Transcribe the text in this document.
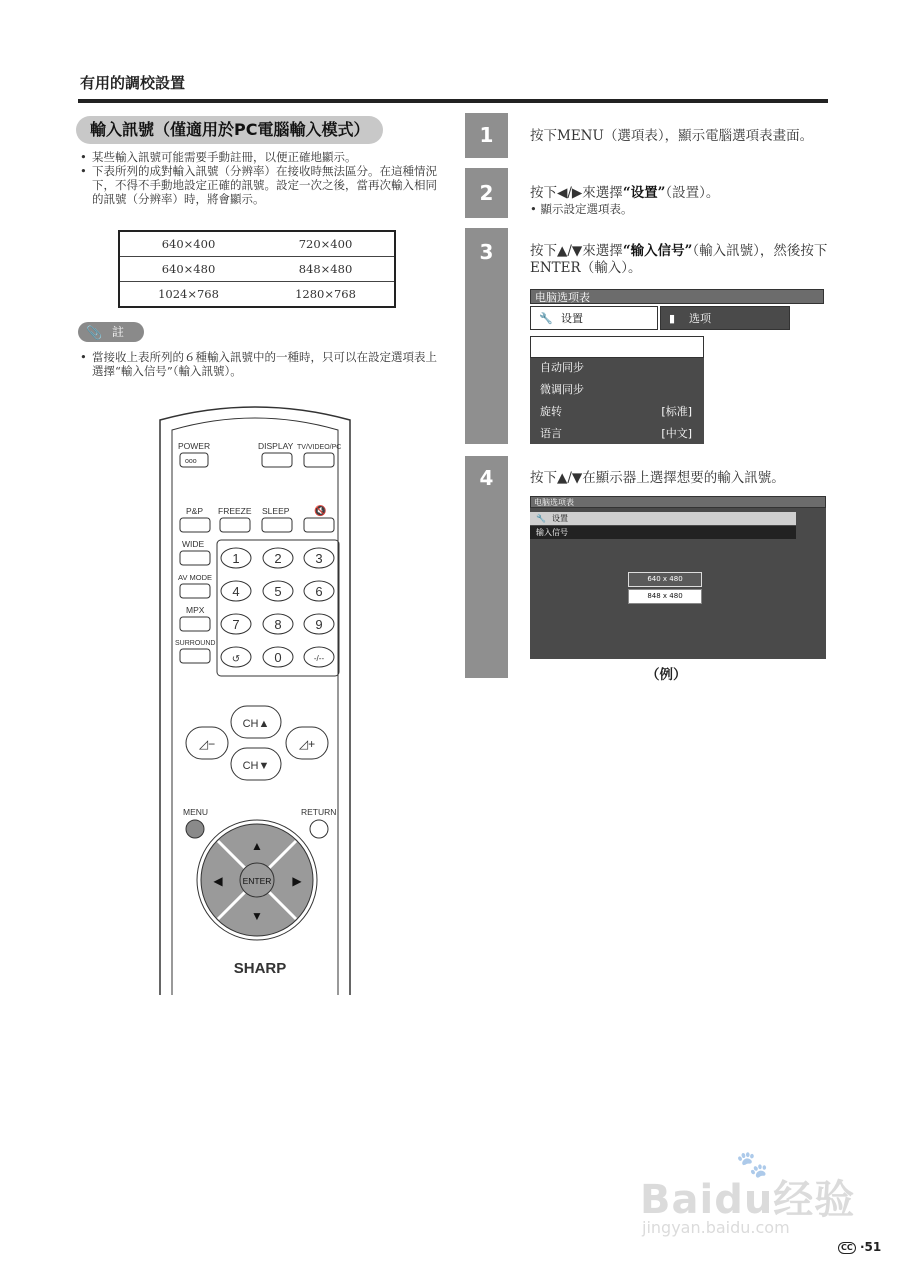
有用的調校設置
輸入訊號（僅適用於PC電腦輸入模式）
• 某些輸入訊號可能需要手動註冊，以便正確地顯示。
• 下表所列的成對輸入訊號（分辨率）在接收時無法區分。在這種情況下，不得不手動地設定正確的訊號。設定一次之後，當再次輸入相同的訊號（分辨率）時，將會顯示。
640×400	720×400
640×480	848×480
1024×768	1280×768
📎 註
• 當接收上表所列的６種輸入訊號中的一種時，只可以在設定選項表上選擇“輸入信号”（輸入訊號）。
POWER
ooo
DISPLAY TV/VIDEO/PC
P&P FREEZE SLEEP 🔇
WIDE
AV MODE
MPX
SURROUND
1	2	3
4	5	6
7	8	9
↺	0	-/--
CH▲
CH▼
◿−	◿+
MENU	RETURN
▲
▼
◀	▶
ENTER
SHARP
1
2
3
4
按下MENU（選項表），顯示電腦選項表畫面。
按下◀/▶來選擇“设置”（設置）。
• 顯示設定選項表。
按下▲/▼來選擇“输入信号”（輸入訊號），然後按下ENTER（輸入）。
按下▲/▼在顯示器上選擇想要的輸入訊號。
电脑选项表
🔧 设置	▮ 选项
输入信号
自动同步
微调同步
旋转	[标准]
语言	[中文]
电脑选项表
🔧 设置
输入信号
640 x 480
848 x 480
（例）
Baidu经验
jingyan.baidu.com
🐾
CC ·51
